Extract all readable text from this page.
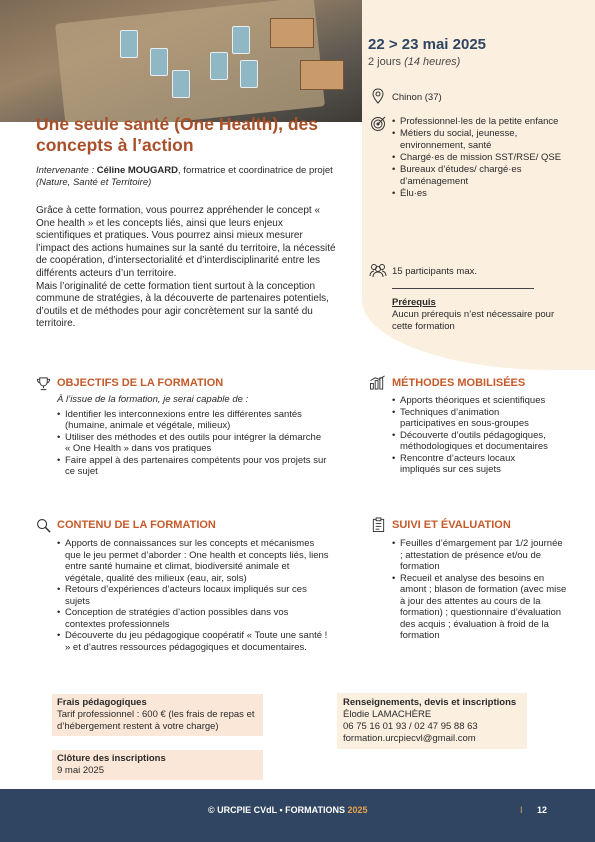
22 > 23 mai 2025
2 jours (14 heures)
Chinon (37)
• Professionnel·les de la petite enfance
• Métiers du social, jeunesse, environnement, santé
• Chargé·es de mission SST/RSE/ QSE
• Bureaux d’études/ chargé·es d’aménagement
• Élu·es
15 participants max.
Prérequis
Aucun prérequis n’est nécessaire pour cette formation
Une seule santé (One Health), des concepts à l’action
Intervenante : Céline MOUGARD, formatrice et coordinatrice de projet (Nature, Santé et Territoire)

Grâce à cette formation, vous pourrez appréhender le concept « One health » et les concepts liés, ainsi que leurs enjeux scientifiques et pratiques. Vous pourrez ainsi mieux mesurer l’impact des actions humaines sur la santé du territoire, la nécessité de coopération, d’intersectorialité et d’interdisciplinarité entre les différents acteurs d’un territoire.

Mais l’originalité de cette formation tient surtout à la conception commune de stratégies, à la découverte de partenaires potentiels, d’outils et de méthodes pour agir concrètement sur la santé du territoire.

OBJECTIFS DE LA FORMATION
À l’issue de la formation, je serai capable de :
• Identifier les interconnexions entre les différentes santés (humaine, animale et végétale, milieux)
• Utiliser des méthodes et des outils pour intégrer la démarche « One Health » dans vos pratiques
• Faire appel à des partenaires compétents pour vos projets sur ce sujet
MÉTHODES MOBILISÉES
• Apports théoriques et scientifiques
• Techniques d’animation participatives en sous-groupes
• Découverte d’outils pédagogiques, méthodologiques et documentaires
• Rencontre d’acteurs locaux impliqués sur ces sujets
CONTENU DE LA FORMATION
• Apports de connaissances sur les concepts et mécanismes que le jeu permet d’aborder : One health et concepts liés, liens entre santé humaine et climat, biodiversité animale et végétale, qualité des milieux (eau, air, sols)
• Retours d’expériences d’acteurs locaux impliqués sur ces sujets
• Conception de stratégies d’action possibles dans vos contextes professionnels
• Découverte du jeu pédagogique coopératif « Toute une santé ! » et d’autres ressources pédagogiques et documentaires.
SUIVI ET ÉVALUATION
• Feuilles d’émargement par 1/2 journée ; attestation de présence et/ou de formation
• Recueil et analyse des besoins en amont ; blason de formation (avec mise à jour des attentes au cours de la formation) ; questionnaire d’évaluation des acquis ; évaluation à froid de la formation
Frais pédagogiques
Tarif professionnel : 600 € (les frais de repas et d’hébergement restent à votre charge)
Clôture des inscriptions
9 mai 2025
Renseignements, devis et inscriptions
Élodie LAMACHÈRE
06 75 16 01 93 / 02 47 95 88 63
formation.urcpiecvl@gmail.com
© URCPIE CVdL • FORMATIONS 2025	I 12
